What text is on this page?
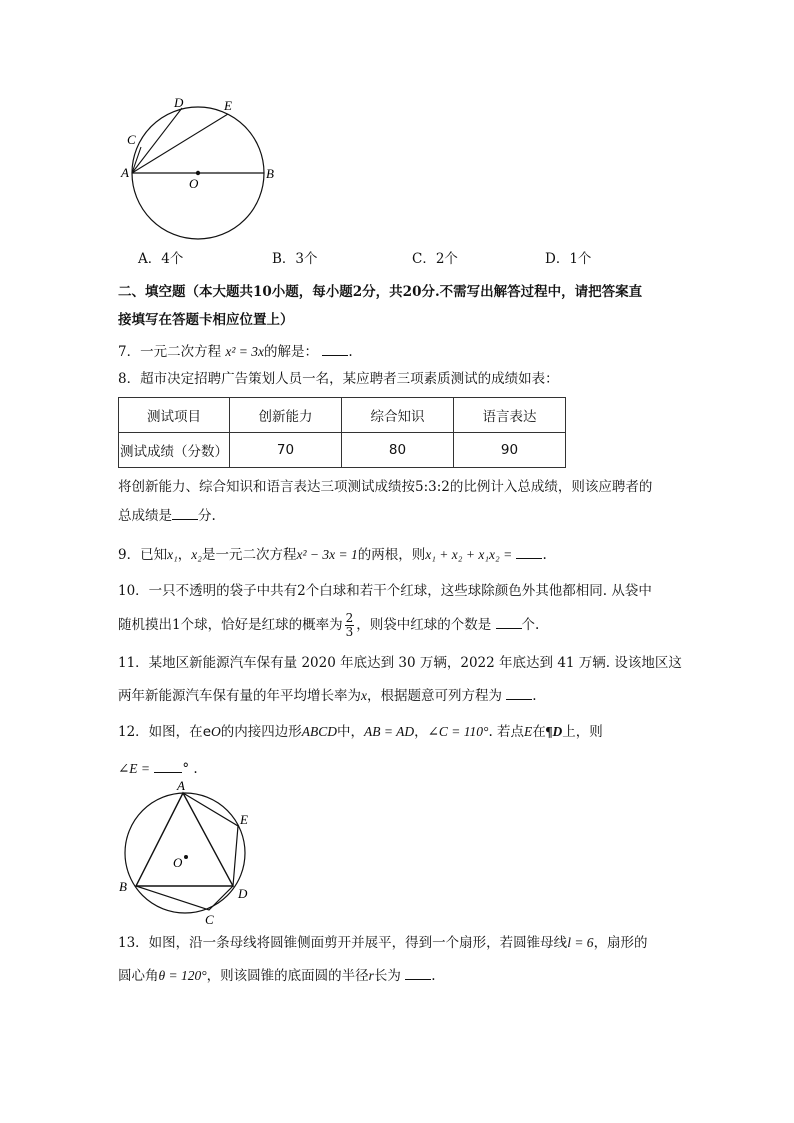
A	B
C
D	E
O
A．4个	B．3个	C．2个	D．1个
二、填空题（本大题共10小题，每小题2分，共20分.不需写出解答过程中，请把答案直
接填写在答题卡相应位置上）
7．一元二次方程 x² = 3x的解是： .
8．超市决定招聘广告策划人员一名，某应聘者三项素质测试的成绩如表：
测试项目	创新能力	综合知识	语言表达
测试成绩（分数）	70	80	90
将创新能力、综合知识和语言表达三项测试成绩按5:3:2的比例计入总成绩，则该应聘者的
总成绩是 分.
9．已知x₁，x₂是一元二次方程x² − 3x = 1的两根，则x₁ + x₂ + x₁x₂ = .
10．一只不透明的袋子中共有2个白球和若干个红球，这些球除颜色外其他都相同. 从袋中
随机摸出1个球，恰好是红球的概率为 $\frac{2}{3}$ ，则袋中红球的个数是 个.
11．某地区新能源汽车保有量 2020 年底达到 30 万辆，2022 年底达到 41 万辆. 设该地区这
两年新能源汽车保有量的年平均增长率为x，根据题意可列方程为 .
12．如图，在eO的内接四边形ABCD中，AB = AD，∠C = 110°. 若点E在¶D上，则
∠E = ° .
A
B
C
D
E
O
13．如图，沿一条母线将圆锥侧面剪开并展平，得到一个扇形，若圆锥母线l = 6，扇形的
圆心角θ = 120°，则该圆锥的底面圆的半径r长为 .
